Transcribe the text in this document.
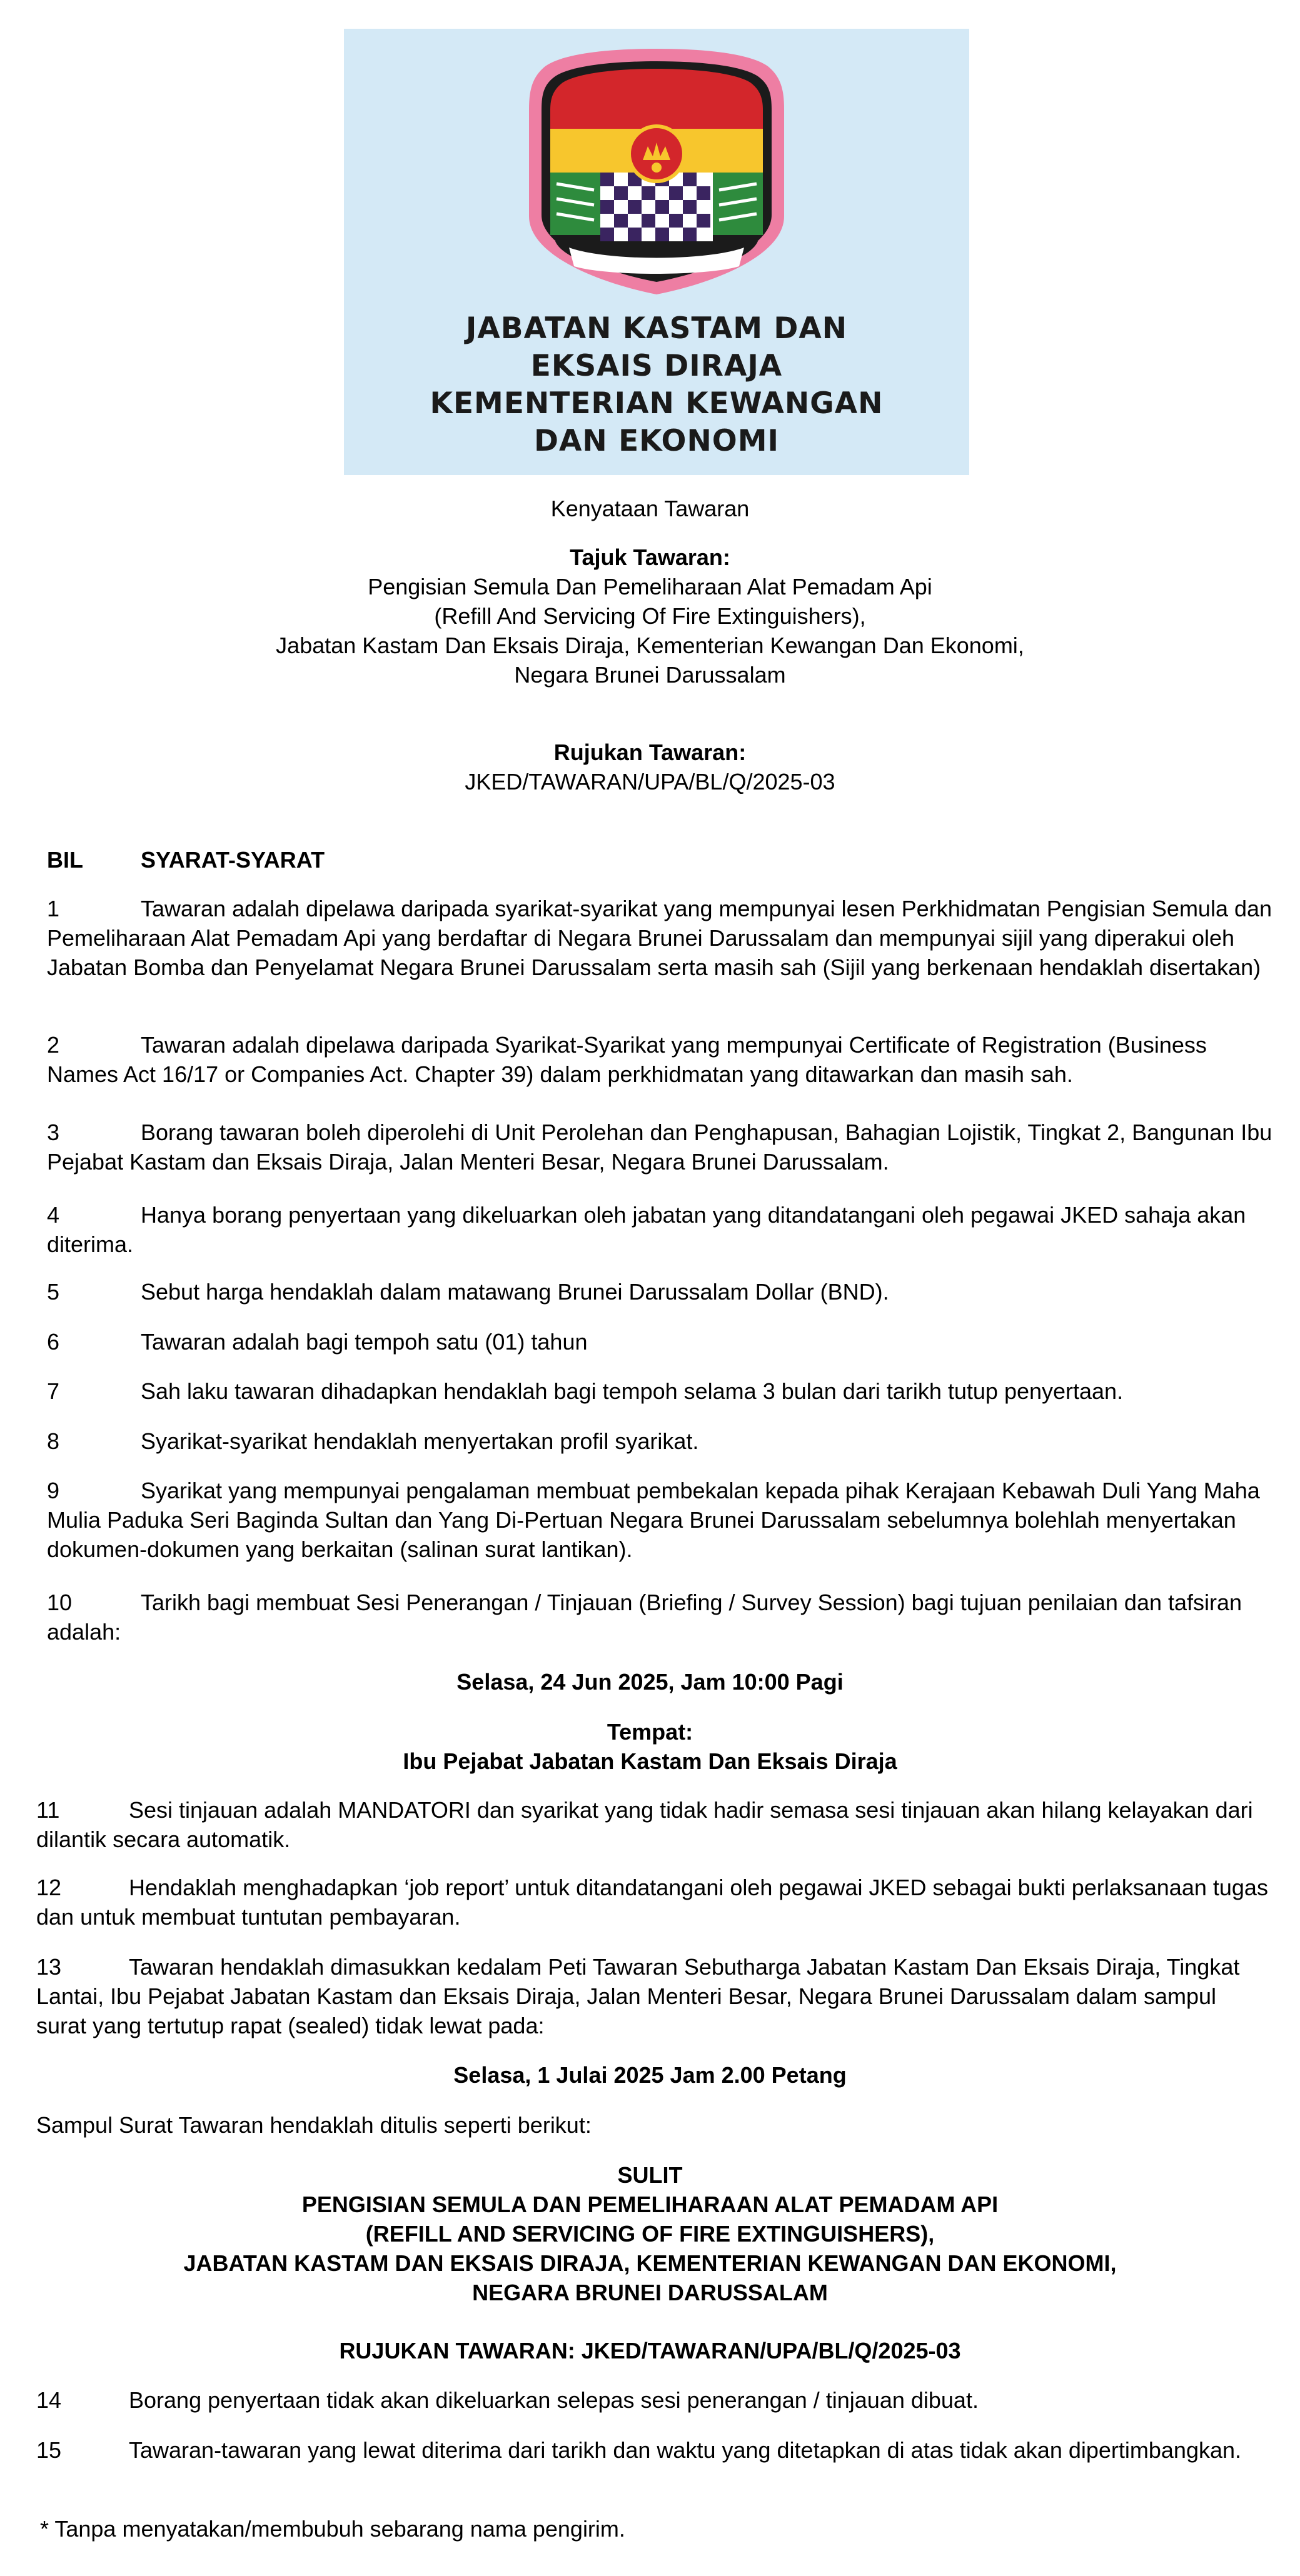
JABATAN KASTAM DAN
EKSAIS DIRAJA
KEMENTERIAN KEWANGAN
DAN EKONOMI
Kenyataan Tawaran
Tajuk Tawaran:
Pengisian Semula Dan Pemeliharaan Alat Pemadam Api
(Refill And Servicing Of Fire Extinguishers),
Jabatan Kastam Dan Eksais Diraja, Kementerian Kewangan Dan Ekonomi,
Negara Brunei Darussalam
Rujukan Tawaran:
JKED/TAWARAN/UPA/BL/Q/2025-03
BIL	SYARAT-SYARAT
1	Tawaran adalah dipelawa daripada syarikat-syarikat yang mempunyai lesen Perkhidmatan Pengisian Semula dan Pemeliharaan Alat Pemadam Api yang berdaftar di Negara Brunei Darussalam dan mempunyai sijil yang diperakui oleh Jabatan Bomba dan Penyelamat Negara Brunei Darussalam serta masih sah (Sijil yang berkenaan hendaklah disertakan)
2	Tawaran adalah dipelawa daripada Syarikat-Syarikat yang mempunyai Certificate of Registration (Business Names Act 16/17 or Companies Act. Chapter 39) dalam perkhidmatan yang ditawarkan dan masih sah.
3	Borang tawaran boleh diperolehi di Unit Perolehan dan Penghapusan, Bahagian Lojistik, Tingkat 2, Bangunan Ibu Pejabat Kastam dan Eksais Diraja, Jalan Menteri Besar, Negara Brunei Darussalam.
4	Hanya borang penyertaan yang dikeluarkan oleh jabatan yang ditandatangani oleh pegawai JKED sahaja akan diterima.
5	Sebut harga hendaklah dalam matawang Brunei Darussalam Dollar (BND).
6	Tawaran adalah bagi tempoh satu (01) tahun
7	Sah laku tawaran dihadapkan hendaklah bagi tempoh selama 3 bulan dari tarikh tutup penyertaan.
8	Syarikat-syarikat hendaklah menyertakan profil syarikat.
9	Syarikat yang mempunyai pengalaman membuat pembekalan kepada pihak Kerajaan Kebawah Duli Yang Maha Mulia Paduka Seri Baginda Sultan dan Yang Di-Pertuan Negara Brunei Darussalam sebelumnya bolehlah menyertakan dokumen-dokumen yang berkaitan (salinan surat lantikan).
10	Tarikh bagi membuat Sesi Penerangan / Tinjauan (Briefing / Survey Session) bagi tujuan penilaian dan tafsiran adalah:
Selasa, 24 Jun 2025, Jam 10:00 Pagi
Tempat:
Ibu Pejabat Jabatan Kastam Dan Eksais Diraja
11	Sesi tinjauan adalah MANDATORI dan syarikat yang tidak hadir semasa sesi tinjauan akan hilang kelayakan dari dilantik secara automatik.
12	Hendaklah menghadapkan ‘job report’ untuk ditandatangani oleh pegawai JKED sebagai bukti perlaksanaan tugas dan untuk membuat tuntutan pembayaran.
13	Tawaran hendaklah dimasukkan kedalam Peti Tawaran Sebutharga Jabatan Kastam Dan Eksais Diraja, Tingkat Lantai, Ibu Pejabat Jabatan Kastam dan Eksais Diraja, Jalan Menteri Besar, Negara Brunei Darussalam dalam sampul surat yang tertutup rapat (sealed) tidak lewat pada:
Selasa, 1 Julai 2025 Jam 2.00 Petang
Sampul Surat Tawaran hendaklah ditulis seperti berikut:
SULIT
PENGISIAN SEMULA DAN PEMELIHARAAN ALAT PEMADAM API
(REFILL AND SERVICING OF FIRE EXTINGUISHERS),
JABATAN KASTAM DAN EKSAIS DIRAJA, KEMENTERIAN KEWANGAN DAN EKONOMI,
NEGARA BRUNEI DARUSSALAM
RUJUKAN TAWARAN: JKED/TAWARAN/UPA/BL/Q/2025-03
14	Borang penyertaan tidak akan dikeluarkan selepas sesi penerangan / tinjauan dibuat.
15	Tawaran-tawaran yang lewat diterima dari tarikh dan waktu yang ditetapkan di atas tidak akan dipertimbangkan.
* Tanpa menyatakan/membubuh sebarang nama pengirim.
